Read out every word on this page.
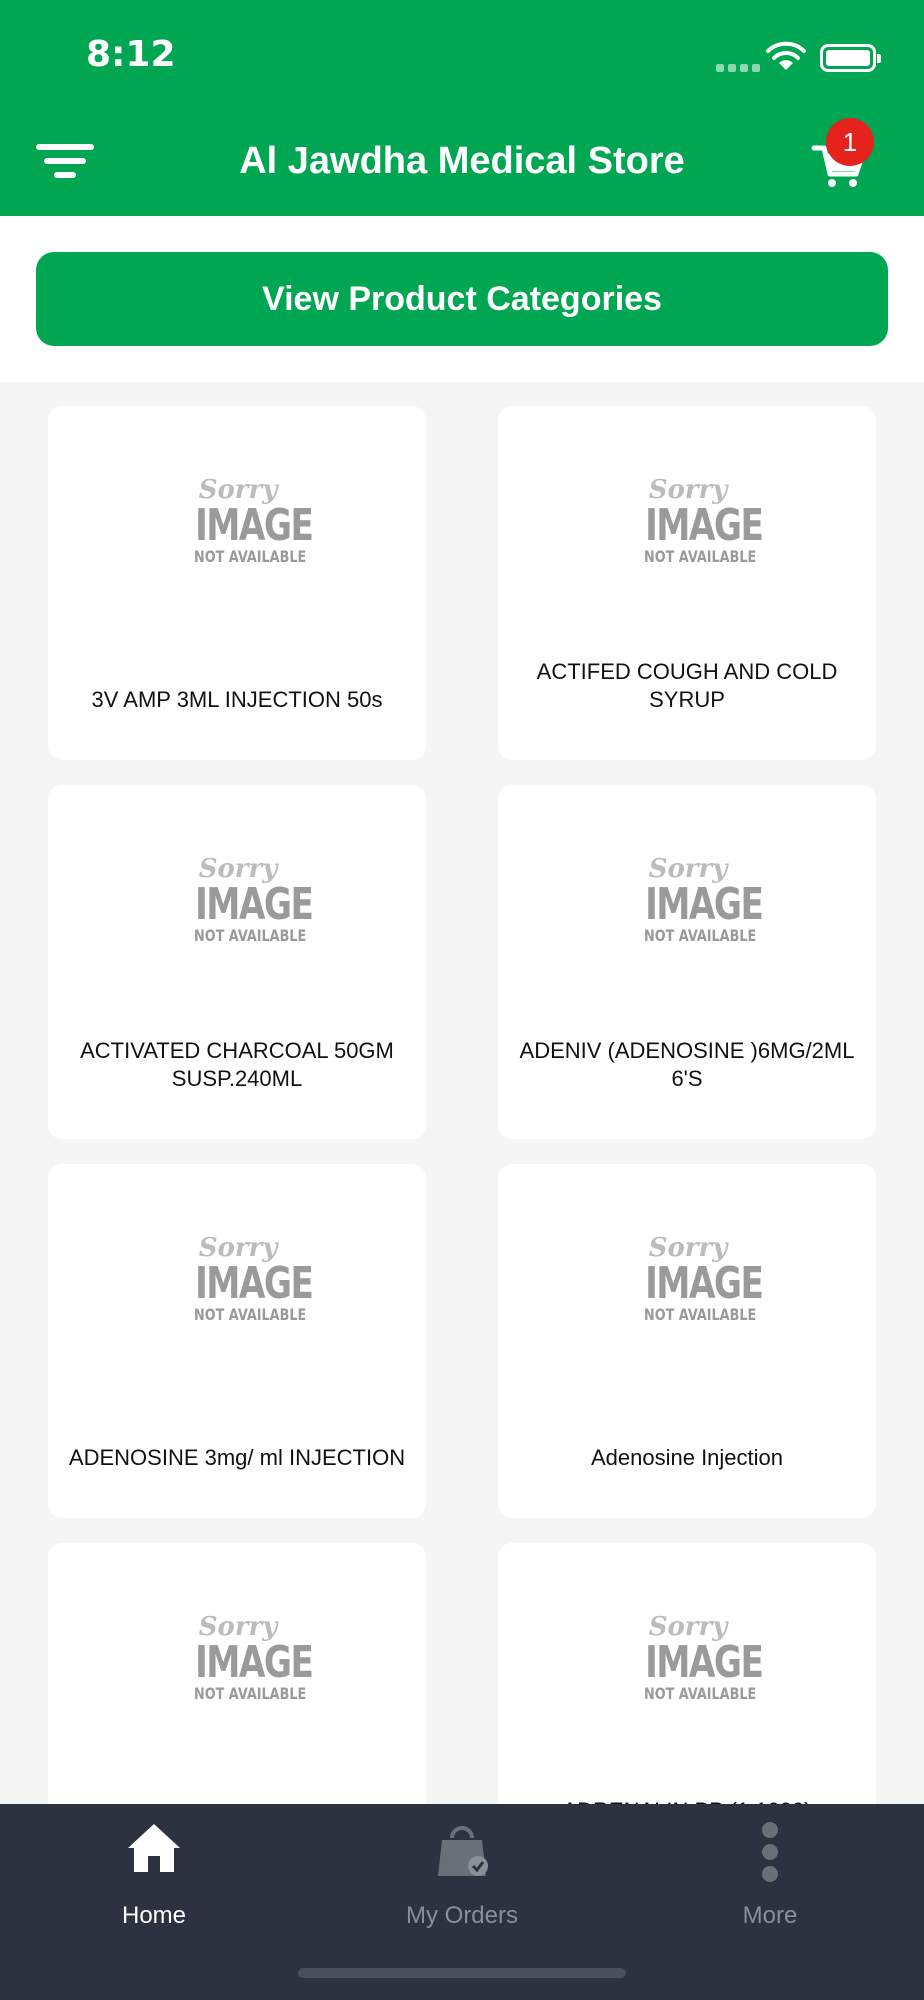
8:12
Al Jawdha Medical Store	1
View Product Categories
Sorry
IMAGE
NOT AVAILABLE
3V AMP 3ML INJECTION 50s
Sorry
IMAGE
NOT AVAILABLE
ACTIFED COUGH AND COLD SYRUP
Sorry
IMAGE
NOT AVAILABLE
ACTIVATED CHARCOAL 50GM SUSP.240ML
Sorry
IMAGE
NOT AVAILABLE
ADENIV (ADENOSINE )6MG/2ML 6'S
Sorry
IMAGE
NOT AVAILABLE
ADENOSINE 3mg/ ml INJECTION
Sorry
IMAGE
NOT AVAILABLE
Adenosine Injection
Sorry
IMAGE
NOT AVAILABLE
Sorry
IMAGE
NOT AVAILABLE
Home	My Orders	More
